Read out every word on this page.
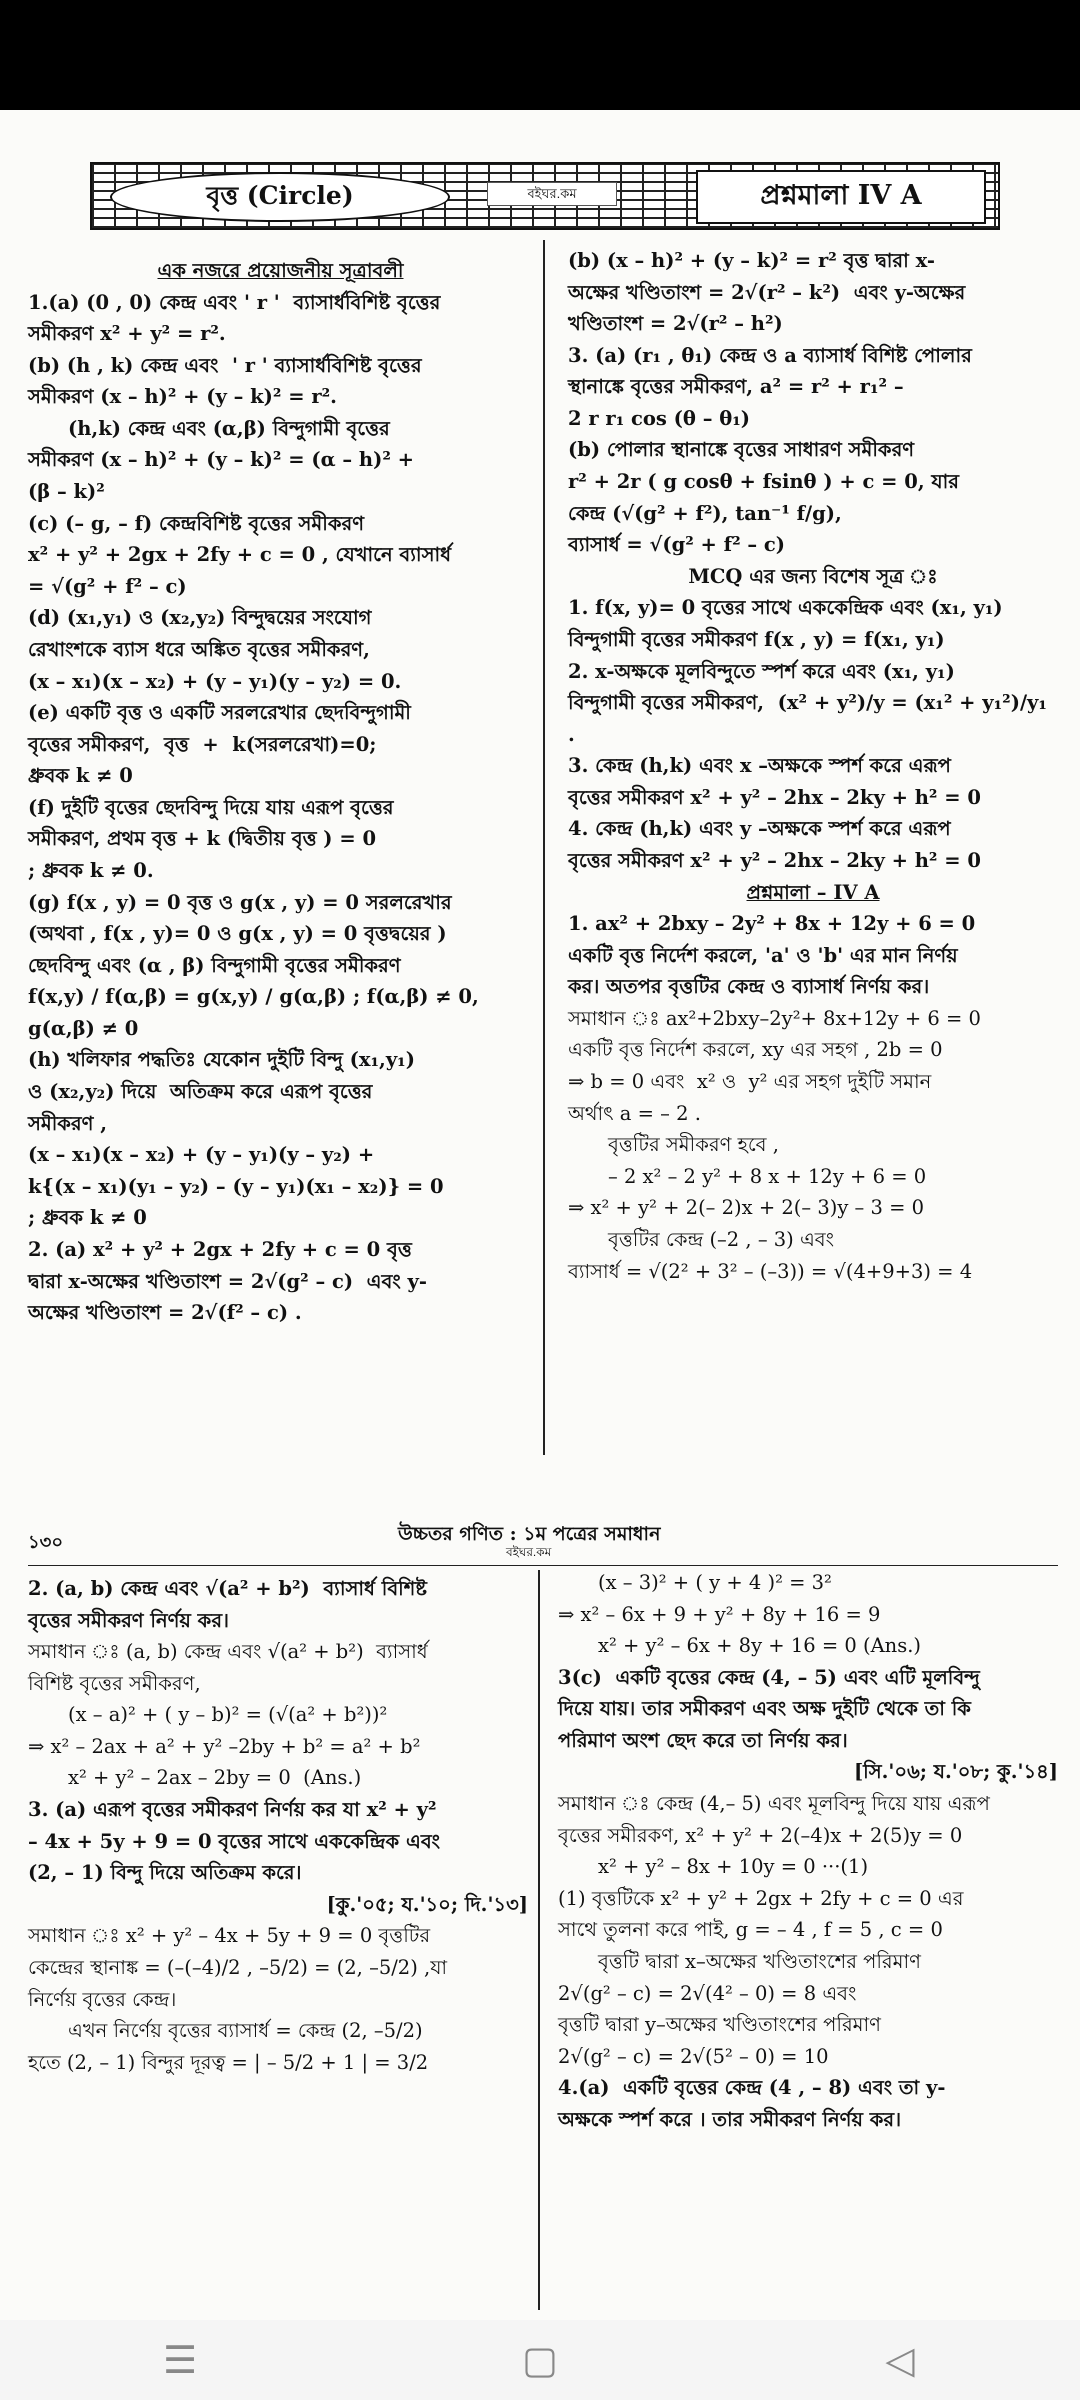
বৃত্ত (Circle)	বইঘর.কম	প্রশ্নমালা IV A
এক নজরে প্রয়োজনীয় সূত্রাবলী
1.(a) (0 , 0) কেন্দ্র এবং ' r '  ব্যাসার্ধবিশিষ্ট বৃত্তের
সমীকরণ x² + y² = r².
(b) (h , k) কেন্দ্র এবং  ' r ' ব্যাসার্ধবিশিষ্ট বৃত্তের
সমীকরণ (x – h)² + (y – k)² = r².
(h,k) কেন্দ্র এবং (α,β) বিন্দুগামী বৃত্তের
সমীকরণ (x – h)² + (y – k)² = (α – h)² +
(β – k)²
(c) (– g, – f) কেন্দ্রবিশিষ্ট বৃত্তের সমীকরণ
x² + y² + 2gx + 2fy + c = 0 , যেখানে ব্যাসার্ধ
= √(g² + f² – c)
(d) (x₁,y₁) ও (x₂,y₂) বিন্দুদ্বয়ের সংযোগ
রেখাংশকে ব্যাস ধরে অঙ্কিত বৃত্তের সমীকরণ,
(x – x₁)(x – x₂) + (y – y₁)(y – y₂) = 0.
(e) একটি বৃত্ত ও একটি সরলরেখার ছেদবিন্দুগামী
বৃত্তের সমীকরণ,  বৃত্ত  +  k(সরলরেখা)=0;
ধ্রুবক k ≠ 0
(f) দুইটি বৃত্তের ছেদবিন্দু দিয়ে যায় এরূপ বৃত্তের
সমীকরণ, প্রথম বৃত্ত + k (দ্বিতীয় বৃত্ত ) = 0
; ধ্রুবক k ≠ 0.
(g) f(x , y) = 0 বৃত্ত ও g(x , y) = 0 সরলরেখার
(অথবা , f(x , y)= 0 ও g(x , y) = 0 বৃত্তদ্বয়ের )
ছেদবিন্দু এবং (α , β) বিন্দুগামী বৃত্তের সমীকরণ
f(x,y) / f(α,β) = g(x,y) / g(α,β) ; f(α,β) ≠ 0, g(α,β) ≠ 0
(h) খলিফার পদ্ধতিঃ যেকোন দুইটি বিন্দু (x₁,y₁)
ও (x₂,y₂) দিয়ে  অতিক্রম করে এরূপ বৃত্তের
সমীকরণ ,
(x – x₁)(x – x₂) + (y – y₁)(y – y₂) +
k{(x – x₁)(y₁ – y₂) – (y – y₁)(x₁ – x₂)} = 0
; ধ্রুবক k ≠ 0
2. (a) x² + y² + 2gx + 2fy + c = 0 বৃত্ত
দ্বারা x-অক্ষের খণ্ডিতাংশ = 2√(g² – c)  এবং y-
অক্ষের খণ্ডিতাংশ = 2√(f² – c) .
(b) (x – h)² + (y – k)² = r² বৃত্ত দ্বারা x-
অক্ষের খণ্ডিতাংশ = 2√(r² – k²)  এবং y-অক্ষের
খণ্ডিতাংশ = 2√(r² – h²)
3. (a) (r₁ , θ₁) কেন্দ্র ও a ব্যাসার্ধ বিশিষ্ট পোলার
স্থানাঙ্কে বৃত্তের সমীকরণ, a² = r² + r₁² –
2 r r₁ cos (θ – θ₁)
(b) পোলার স্থানাঙ্কে বৃত্তের সাধারণ সমীকরণ
r² + 2r ( g cosθ + fsinθ ) + c = 0, যার
কেন্দ্র (√(g² + f²), tan⁻¹ f/g),
ব্যাসার্ধ = √(g² + f² – c)
MCQ এর জন্য বিশেষ সূত্র ঃ
1. f(x, y)= 0 বৃত্তের সাথে এককেন্দ্রিক এবং (x₁, y₁)
বিন্দুগামী বৃত্তের সমীকরণ f(x , y) = f(x₁, y₁)
2. x-অক্ষকে মূলবিন্দুতে স্পর্শ করে এবং (x₁, y₁)
বিন্দুগামী বৃত্তের সমীকরণ,  (x² + y²)/y = (x₁² + y₁²)/y₁ .
3. কেন্দ্র (h,k) এবং x –অক্ষকে স্পর্শ করে এরূপ
বৃত্তের সমীকরণ x² + y² – 2hx – 2ky + h² = 0
4. কেন্দ্র (h,k) এবং y –অক্ষকে স্পর্শ করে এরূপ
বৃত্তের সমীকরণ x² + y² – 2hx – 2ky + h² = 0
প্রশ্নমালা – IV A
1. ax² + 2bxy – 2y² + 8x + 12y + 6 = 0
একটি বৃত্ত নির্দেশ করলে, 'a' ও 'b' এর মান নির্ণয়
কর। অতপর বৃত্তটির কেন্দ্র ও ব্যাসার্ধ নির্ণয় কর।
সমাধান ঃ ax²+2bxy–2y²+ 8x+12y + 6 = 0
একটি বৃত্ত নির্দেশ করলে, xy এর সহগ , 2b = 0
⇒ b = 0 এবং  x² ও  y² এর সহগ দুইটি সমান
অর্থাৎ a = – 2 .
বৃত্তটির সমীকরণ হবে ,
– 2 x² – 2 y² + 8 x + 12y + 6 = 0
⇒ x² + y² + 2(– 2)x + 2(– 3)y – 3 = 0
বৃত্তটির কেন্দ্র (–2 , – 3) এবং
ব্যাসার্ধ = √(2² + 3² – (–3)) = √(4+9+3) = 4
১৩০	উচ্চতর গণিত : ১ম পত্রের সমাধান
বইঘর.কম
2. (a, b) কেন্দ্র এবং √(a² + b²)  ব্যাসার্ধ বিশিষ্ট
বৃত্তের সমীকরণ নির্ণয় কর।
সমাধান ঃ (a, b) কেন্দ্র এবং √(a² + b²)  ব্যাসার্ধ
বিশিষ্ট বৃত্তের সমীকরণ,
(x – a)² + ( y – b)² = (√(a² + b²))²
⇒ x² – 2ax + a² + y² –2by + b² = a² + b²
x² + y² – 2ax – 2by = 0  (Ans.)
3. (a) এরূপ বৃত্তের সমীকরণ নির্ণয় কর যা x² + y²
– 4x + 5y + 9 = 0 বৃত্তের সাথে এককেন্দ্রিক এবং
(2, – 1) বিন্দু দিয়ে অতিক্রম করে।
[কু.'০৫; য.'১০; দি.'১৩]
সমাধান ঃ x² + y² – 4x + 5y + 9 = 0 বৃত্তটির
কেন্দ্রের স্থানাঙ্ক = (–(–4)/2 , –5/2) = (2, –5/2) ,যা
নির্ণেয় বৃত্তের কেন্দ্র।
এখন নির্ণেয় বৃত্তের ব্যাসার্ধ = কেন্দ্র (2, –5/2)
হতে (2, – 1) বিন্দুর দূরত্ব = | – 5/2 + 1 | = 3/2
(x – 3)² + ( y + 4 )² = 3²
⇒ x² – 6x + 9 + y² + 8y + 16 = 9
x² + y² – 6x + 8y + 16 = 0 (Ans.)
3(c)  একটি বৃত্তের কেন্দ্র (4, – 5) এবং এটি মূলবিন্দু
দিয়ে যায়। তার সমীকরণ এবং অক্ষ দুইটি থেকে তা কি
পরিমাণ অংশ ছেদ করে তা নির্ণয় কর।
[সি.'০৬; য.'০৮; কু.'১৪]
সমাধান ঃ কেন্দ্র (4,– 5) এবং মূলবিন্দু দিয়ে যায় এরূপ
বৃত্তের সমীরকণ, x² + y² + 2(–4)x + 2(5)y = 0
x² + y² – 8x + 10y = 0 ···(1)
(1) বৃত্তটিকে x² + y² + 2gx + 2fy + c = 0 এর
সাথে তুলনা করে পাই, g = – 4 , f = 5 , c = 0
বৃত্তটি দ্বারা x–অক্ষের খণ্ডিতাংশের পরিমাণ
2√(g² – c) = 2√(4² – 0) = 8 এবং
বৃত্তটি দ্বারা y–অক্ষের খণ্ডিতাংশের পরিমাণ
2√(g² – c) = 2√(5² – 0) = 10
4.(a)  একটি বৃত্তের কেন্দ্র (4 , – 8) এবং তা y-
অক্ষকে স্পর্শ করে । তার সমীকরণ নির্ণয় কর।
☰	▢	◁
